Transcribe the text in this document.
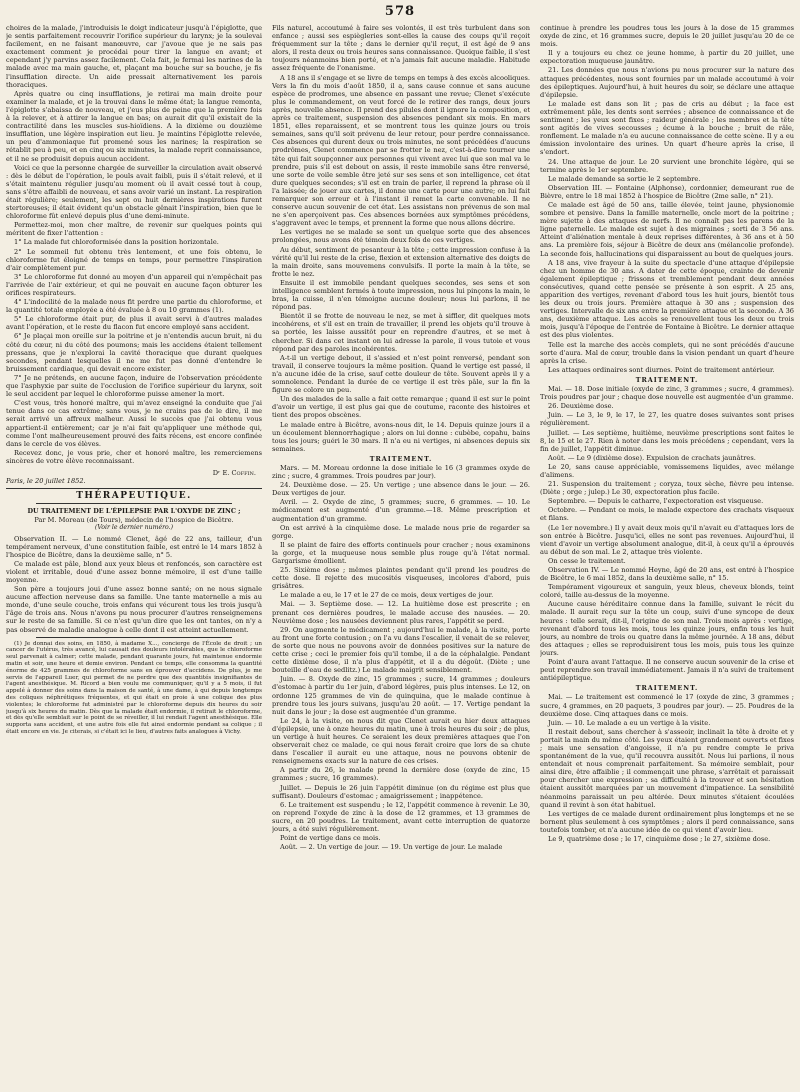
578

choires de la malade, j'introduisis le doigt indicateur jusqu'à l'épiglotte, que je sentis parfaitement recouvrir l'orifice supérieur du larynx; je la soulevai facilement, en ne faisant manœuvre, car j'avoue que je ne sais pas exactement comment je procédai pour tirer la langue en avant; et cependant j'y parvins assez facilement. Cela fait, je fermai les narines de la malade avec ma main gauche, et, plaçant ma bouche sur sa bouche, je fis l'insufflation directe. Un aide pressait alternativement les parois thoraciques.

Après quatre ou cinq insufflations, je retirai ma main droite pour examiner la malade, et je la trouvai dans le même état; la langue remonta, l'épiglotte s'abaissa de nouveau, et j'eus plus de peine que la première fois à la relever, et à attirer la langue en bas; on aurait dit qu'il existait de la contractilité dans les muscles sus-hioïdiens. A la dixième ou douzième insufflation, une légère inspiration eut lieu. Je maintins l'épiglotte relevée, un peu d'ammoniaque fut promené sous les narines; la respiration se rétablit peu à peu, et en cinq ou six minutes, la malade reprit connaissance, et il ne se produisit depuis aucun accident.

Voici ce que la personne chargée de surveiller la circulation avait observé : dès le début de l'opération, le pouls avait faibli, puis il s'était relevé, et il s'était maintenu régulier jusqu'au moment où il avait cessé tout à coup, sans s'être affaibli de nouveau, et sans avoir varié un instant. La respiration était régulière; seulement, les sept ou huit dernières inspirations furent stertoreuses; il était évident qu'un obstacle gênait l'inspiration, bien que le chloroforme fût enlevé depuis plus d'une demi-minute.

Permettez-moi, mon cher maître, de revenir sur quelques points qui méritent de fixer l'attention :

1° La malade fut chloroformisée dans la position horizontale.

2° Le sommeil fut obtenu très lentement, et une fois obtenu, le chloroforme fut éloigné de temps en temps, pour permettre l'inspiration d'air complètement pur.

3° Le chloroforme fut donné au moyen d'un appareil qui n'empêchait pas l'arrivée de l'air extérieur, et qui ne pouvait en aucune façon obturer les orifices respirateurs.

4° L'indocilité de la malade nous fit perdre une partie du chloroforme, et la quantité totale employée a été évaluée à 8 ou 10 grammes (1).

5° Le chloroforme était pur, de plus il avait servi à d'autres malades avant l'opération, et le reste du flacon fut encore employé sans accident.

6° Je plaçai mon oreille sur la poitrine et je n'entendis aucun bruit, ni du côté du cœur, ni du côté des poumons; mais les accidens étaient tellement pressans, que je n'explorai la cavité thoracique que durant quelques secondes, pendant lesquelles il ne me fut pas donné d'entendre le bruissement cardiaque, qui devait encore exister.

7° Je ne prétends, en aucune façon, induire de l'observation précédente que l'asphyxie par suite de l'occlusion de l'orifice supérieur du larynx, soit le seul accident par lequel le chloroforme puisse amener la mort.

C'est vous, très honoré maître, qui m'avez enseigné la conduite que j'ai tenue dans ce cas extrême; sans vous, je ne crains pas de le dire, il me serait arrivé un affreux malheur. Aussi le succès que j'ai obtenu vous appartient-il entièrement; car je n'ai fait qu'appliquer une méthode qui, comme l'ont malheureusement prouvé des faits récens, est encore confinée dans le cercle de vos élèves.

Recevez donc, je vous prie, cher et honoré maître, les remerciemens sincères de votre élève reconnaissant.

Dʳ E. Coffin.
Paris, le 20 juillet 1852.
THÉRAPEUTIQUE.
DU TRAITEMENT DE L'ÉPILEPSIE PAR L'OXYDE DE ZINC ;
Par M. Moreau (de Tours), médecin de l'hospice de Bicêtre.
(Voir le dernier numéro.)

Observation II. — Le nommé Clenet, âgé de 22 ans, tailleur, d'un tempérament nerveux, d'une constitution faible, est entré le 14 mars 1852 à l'hospice de Bicêtre, dans la deuxième salle, n° 5.

Ce malade est pâle, blond aux yeux bleus et renfoncés, son caractère est violent et irritable, doué d'une assez bonne mémoire, il est d'une taille moyenne.

Son père a toujours joui d'une assez bonne santé; on ne nous signale aucune affection nerveuse dans sa famille. Une tante maternelle a mis au monde, d'une seule couche, trois enfans qui vécurent tous les trois jusqu'à l'âge de trois ans. Nous n'avons pu nous procurer d'autres renseignemens sur le reste de sa famille. Si ce n'est qu'un dire que les ont tantes, on n'y a pas observé de maladie analogue à celle dont il est atteint actuellement.

(1) Je donnai des soins, en 1850, à madame X..., concierge de l'École de droit ; un cancer de l'utérus, très avancé, lui causait des douleurs intolérables, que le chloroforme seul parvenait à calmer; cette malade, pendant quarante jours, fut maintenue endormie matin et soir, une heure et demie environ. Pendant ce temps, elle consomma la quantité énorme de 425 grammes de chloroforme sans en éprouver d'accidens. De plus, je me servis de l'appareil Luer, qui permet de ne perdre que des quantités insignifiantes de l'agent anesthésique. M. Ricord a bien voulu me communiquer, qu'il y a 5 mois, il fut appelé à donner des soins dans la maison de santé, à une dame, à qui depuis longtemps des coliques néphrétiques fréquentes, et qui était en proie à une colique des plus violentes; le chloroforme fut administré par le chloroforme depuis dix heures du soir jusqu'à six heures du matin. Dès que la malade était endormie, il retirait le chloroforme, et dès qu'elle semblait sur le point de se réveiller, il lui rendait l'agent anesthésique. Elle supporta sans accident, et une autre fois elle fut ainsi endormie pendant sa colique ; il était encore en vie. Je citerais, si c'était ici le lieu, d'autres faits analogues à Vichy.

Fils naturel, accoutumé à faire ses volontés, il est très turbulent dans son enfance ; aussi ses espiègleries sont-elles la cause des coups qu'il reçoit fréquemment sur la tête ; dans le dernier qu'il reçut, il est âgé de 9 ans alors, il resta deux ou trois heures sans connaissance. Quoique faible, il s'est toujours néanmoins bien porté, et n'a jamais fait aucune maladie. Habitude assez fréquente de l'onanisme.

A 18 ans il s'engage et se livre de temps en temps à des excès alcooliques. Vers la fin du mois d'août 1850, il a, sans cause connue et sans aucune espèce de prodromes, une absence en passant une revue; Clenet s'exécute plus le commandement, on veut forcé de le retirer des rangs, deux jours après, nouvelle absence. Il prend des pilules dont il ignore la composition, et après ce traitement, suspension des absences pendant six mois. En mars 1851, elles reparaissent, et se montrent tous les quinze jours ou trois semaines, sans qu'il soit prévenu de leur retour, pour perdre connaissance. Ces absences qui durent deux ou trois minutes, ne sont précédées d'aucuns prodrômes, Clenet commence par se frotter le nez, c'est-à-dire tourner une tête qui fait soupçonner aux personnes qui vivent avec lui que son mal va le prendre, puis s'il est debout on assis, il reste immobile sans être renversé, une sorte de voile semble être jeté sur ses sens et son intelligence, cet état dure quelques secondes; s'il est en train de parler, il reprend la phrase où il l'a laissée; de jouer aux cartes, il donne une carte pour une autre; on lui fait remarquer son erreur et à l'instant il remet la carte convenable. Il ne conserve aucun souvenir de cet état. Les assistans non prévenus de son mal ne s'en aperçoivent pas. Ces absences bornées aux symptômes précédens, s'aggravent avec le temps, et prennent la forme que nous allons décrire.

Les vertiges ne se malade se sont un quelque sorte que des absences prolongées, nous avons été témoin deux fois de ces vertiges.

Au début, sentiment de pesanteur à la tête ; cette impression confuse à la vérité qu'il lui reste de la crise, flexion et extension alternative des doigts de la main droite, sans mouvemens convulsifs. Il porte la main à la tête, se frotte le nez.

Ensuite il est immobile pendant quelques secondes, ses sens et son intelligence semblent fermés à toute impression, nous lui pinçons la main, le bras, la cuisse, il n'en témoigne aucune douleur; nous lui parlons, il ne répond pas.

Bientôt il se frotte de nouveau le nez, se met à siffler, dit quelques mots incohérens, et s'il est en train de travailler, il prend les objets qu'il trouve à sa portée, les laisse aussitôt pour en reprendre d'autres, et se met à chercher. Si dans cet instant on lui adresse la parole, il vous tutoie et vous répond par des paroles incohérentes.

A-t-il un vertige debout, il s'assied et n'est point renversé, pendant son travail, il conserve toujours la même position. Quand le vertige est passé, il n'a aucune idée de la crise, sauf cette douleur de tête. Souvent après il y a somnolence. Pendant la durée de ce vertige il est très pâle, sur la fin la figure se colore un peu.

Un des malades de la salle a fait cette remarque ; quand il est sur le point d'avoir un vertige, il est plus gai que de coutume, raconte des histoires et tient des propos obscènes.

Le malade entre à Bicêtre, avons-nous dit, le 14. Depuis quinze jours il a un écoulement blennorrhagique ; alors on lui donne : cubèbe, copahu, bains tous les jours; guéri le 30 mars. Il n'a eu ni vertiges, ni absences depuis six semaines.

TRAITEMENT.

Mars. — M. Moreau ordonne la dose initiale le 16 (3 grammes oxyde de zinc ; sucre, 4 grammes. Trois poudres par jour).

24. Deuxième dose. — 25. Un vertige ; une absence dans le jour. — 26. Deux vertiges de jour.

Avril. — 2. Oxyde de zinc, 5 grammes; sucre, 6 grammes. — 10. Le médicament est augmenté d'un gramme.—18. Même prescription et augmentation d'un gramme.

On est arrivé à la cinquième dose. Le malade nous prie de regarder sa gorge.

Il se plaint de faire des efforts continuels pour cracher ; nous examinons la gorge, et la muqueuse nous semble plus rouge qu'à l'état normal. Gargarisme émollient.

25. Sixième dose ; mêmes plaintes pendant qu'il prend les poudres de cette dose. Il rejette des mucosités visqueuses, incolores d'abord, puis grisâtres.

Le malade a eu, le 17 et le 27 de ce mois, deux vertiges de jour.

Mai. — 3. Septième dose. — 12. La huitième dose est prescrite ; en prenant ces dernières poudres, le malade accuse des nausées. — 20. Neuvième dose ; les nausées deviennent plus rares, l'appétit se perd.

29. On augmente le médicament ; aujourd'hui le malade, à la visite, porte au front une forte contusion ; on l'a vu dans l'escalier, il venait de se relever, de sorte que nous ne pouvons avoir de données positives sur la nature de cette crise ; ceci le premier fois qu'il tombe, il a de la céphalalgie. Pendant cette dixième dose, il n'a plus d'appétit, et il a du dégoût. (Diète ; une bouteille d'eau de sedlitz.) Le malade maigrit sensiblement.

Juin. — 8. Oxyde de zinc, 15 grammes ; sucre, 14 grammes ; douleurs d'estomac à partir du 1er juin, d'abord légères, puis plus intenses. Le 12, on ordonne 125 grammes de vin de quinquina, que le malade continue à prendre tous les jours suivans, jusqu'au 20 août. — 17. Vertige pendant la nuit dans le jour ; la dose est augmentée d'un gramme.

Le 24, à la visite, on nous dit que Clenet aurait eu hier deux attaques d'épilepsie, une à onze heures du matin, une à trois heures du soir ; de plus, un vertige à huit heures. Ce seraient les deux premières attaques que l'on observerait chez ce malade, ce qui nous ferait croire que lors de sa chute dans l'escalier il aurait eu une attaque, nous ne pouvons obtenir de renseignemens exacts sur la nature de ces crises.

A partir du 26, le malade prend la dernière dose (oxyde de zinc, 15 grammes ; sucre, 16 grammes).

Juillet. — Depuis le 26 juin l'appétit diminue (on du régime est plus que suffisant). Douleurs d'estomac ; amaigrissement ; inappétence.

6. Le traitement est suspendu ; le 12, l'appétit commence à revenir. Le 30, on reprend l'oxyde de zinc à la dose de 12 grammes, et 13 grammes de sucre, en 20 poudres. Le traitement, avant cette interruption de quatorze jours, a été suivi régulièrement.

Point de vertige dans ce mois.

Août. — 2. Un vertige de jour. — 19. Un vertige de jour. Le malade

continue à prendre les poudres tous les jours à la dose de 15 grammes oxyde de zinc, et 16 grammes sucre, depuis le 20 juillet jusqu'au 20 de ce mois.

Il y a toujours eu chez ce jeune homme, à partir du 20 juillet, une expectoration muqueuse jaunâtre.

21. Les données que nous n'avions pu nous procurer sur la nature des attaques précédentes, nous sont fournies par un malade accoutumé à voir des épileptiques. Aujourd'hui, à huit heures du soir, se déclare une attaque d'épilepsie.

Le malade est dans son lit ; pas de cris au début ; la face est extrêmement pâle, les dents sont serrées ; absence de connaissance et de sentiment ; les yeux sont fixes ; raideur générale ; les membres et la tête sont agités de vives secousses ; écume à la bouche ; bruit de râle, ronflement. Le malade n'a eu aucune connaissance de cette scène. Il y a eu émission involontaire des urines. Un quart d'heure après la crise, il s'endort.

24. Une attaque de jour. Le 20 survient une bronchite légère, qui se termine après le 1er septembre.

Le malade demande sa sortie le 2 septembre.

Observation III. — Fontaine (Alphonse), cordonnier, demeurant rue de Bièvre, entre le 18 mai 1852 à l'hospice de Bicêtre (2me salle, n° 21).

Ce malade est âgé de 50 ans, taille élevée, teint jaune, physionomie sombre et pensive. Dans la famille maternelle, oncle mort de la poitrine ; mère sujette à des attaques de nerfs. Il ne connaît pas les parens de la ligne paternelle. Le malade est sujet à des migraines ; sorti de 3 56 ans. Atteint d'aliénation mentale à deux reprises différentes, à 36 ans et à 50 ans. La première fois, séjour à Bicêtre de deux ans (mélancolie profonde). La seconde fois, hallucinations qui disparaissent au bout de quelques jours.

A 18 ans, vive frayeur à la suite du spectacle d'une attaque d'épilepsie chez un homme de 30 ans. A dater de cette époque, crainte de devenir également épileptique ; frissons et tremblement pendant deux années consécutives, quand cette pensée se présente à son esprit. A 25 ans, apparition des vertiges, revenant d'abord tous les huit jours, bientôt tous les deux ou trois jours. Première attaque à 30 ans ; suspension des vertiges. Intervalle de six ans entre la première attaque et la seconde. A 36 ans, deuxième attaque. Les accès se renouvellent tous les deux ou trois mois, jusqu'à l'époque de l'entrée de Fontaine à Bicêtre. Le dernier attaque est des plus violentes.

Telle est la marche des accès complets, qui ne sont précédés d'aucune sorte d'aura. Mal de cœur, trouble dans la vision pendant un quart d'heure après la crise.

Les attaques ordinaires sont diurnes. Point de traitement antérieur.

TRAITEMENT.

Mai. — 18. Dose initiale (oxyde de zinc, 3 grammes ; sucre, 4 grammes). Trois poudres par jour ; chaque dose nouvelle est augmentée d'un gramme.

26. Deuxième dose.

Juin. — Le 3, le 9, le 17, le 27, les quatre doses suivantes sont prises régulièrement.

Juillet. — Les septième, huitième, neuvième prescriptions sont faites le 8, le 15 et le 27. Rien à noter dans les mois précédens ; cependant, vers la fin de juillet, l'appétit diminue.

Août. — Le 9 (dixième dose). Expulsion de crachats jaunâtres.

Le 20, sans cause appréciable, vomissemens liquides, avec mélange d'alimens.

21. Suspension du traitement ; coryza, toux sèche, fièvre peu intense. (Diète ; orge ; julep.) Le 30, expectoration plus facile.

Septembre. — Depuis le catharre, l'expectoration est visqueuse.

Octobre. — Pendant ce mois, le malade expectore des crachats visqueux et filans.

(Le 1er novembre.) Il y avait deux mois qu'il n'avait eu d'attaques lors de son entrée à Bicêtre. Jusqu'ici, elles ne sont pas revenues. Aujourd'hui, il vient d'avoir un vertige absolument analogue, dit-il, à ceux qu'il a éprouvés au début de son mal. Le 2, attaque très violente.

On cesse le traitement.

Observation IV. — Le nommé Heyne, âgé de 20 ans, est entré à l'hospice de Bicêtre, le 6 mai 1852, dans la deuxième salle, n° 15.

Tempérament vigoureux et sanguin, yeux bleus, cheveux blonds, teint coloré, taille au-dessus de la moyenne.

Aucune cause héréditaire connue dans la famille, suivant le récit du malade. Il aurait reçu sur la tête un coup, suivi d'une syncope de deux heures : telle serait, dit-il, l'origine de son mal. Trois mois après : vertige, revenant d'abord tous les mois, tous les quinze jours, enfin tous les huit jours, au nombre de trois ou quatre dans la même journée. A 18 ans, début des attaques ; elles se reproduisirent tous les mois, puis tous les quinze jours.

Point d'aura avant l'attaque. Il ne conserve aucun souvenir de la crise et peut reprendre son travail immédiatement. Jamais il n'a suivi de traitement antiépileptique.

TRAITEMENT.

Mai. — Le traitement est commencé le 17 (oxyde de zinc, 3 grammes ; sucre, 4 grammes, en 20 paquets, 3 poudres par jour). — 25. Poudres de la deuxième dose. Cinq attaques dans ce mois.

Juin. — 10. Le malade a eu un vertige à la visite.

Il restait debout, sans chercher à s'asseoir, inclinait la tête à droite et y portait la main du même côté. Les yeux étaient grandement ouverts et fixes ; mais une sensation d'angoisse, il n'a pu rendre compte le priva spontanément de la vue, qu'il recouvra aussitôt. Nous lui parlions, il nous entendait et nous comprenait parfaitement. Sa mémoire semblait, pour ainsi dire, être affaiblie ; il commençait une phrase, s'arrêtait et paraissait pour chercher une expression ; sa difficulté à la trouver et son hésitation étaient aussitôt marquées par un mouvement d'impatience. La sensibilité néanmoins paraissait un peu altérée. Deux minutes s'étaient écoulées quand il revint à son état habituel.

Les vertiges de ce malade durent ordinairement plus longtemps et ne se bornent plus seulement à ces symptômes ; alors il perd connaissance, sans toutefois tomber, et n'a aucune idée de ce qui vient d'avoir lieu.

Le 9, quatrième dose ; le 17, cinquième dose ; le 27, sixième dose.
